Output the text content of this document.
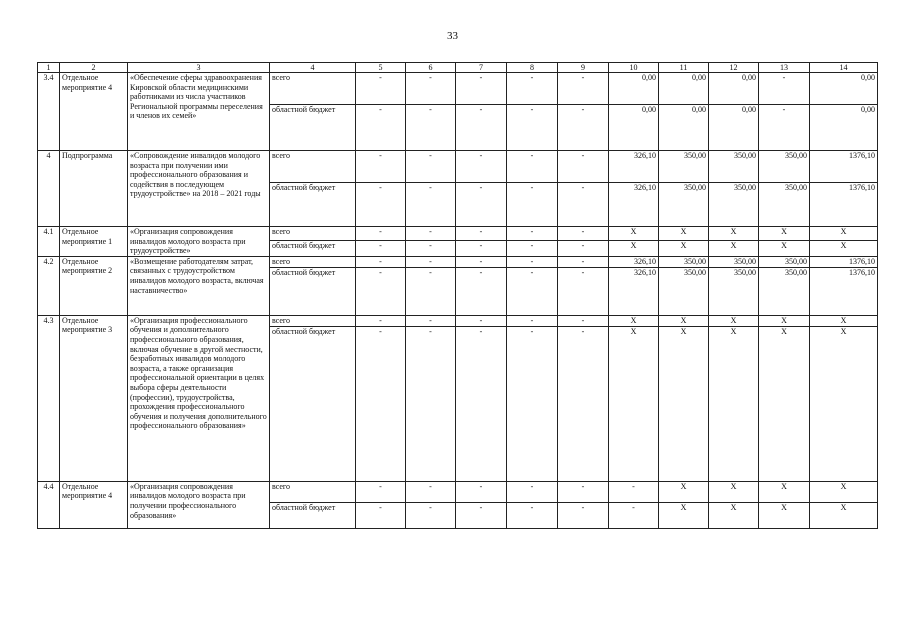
33
1	2	3	4	5	6	7	8	9	10	11	12	13	14
3.4	Отдельное мероприятие 4	«Обеспечение сферы здравоохранения Кировской области медицинскими работниками из числа участников Региональной программы переселения и членов их семей»	всего	-	-	-	-	-	0,00	0,00	0,00	-	0,00
			областной бюджет	-	-	-	-	-	0,00	0,00	0,00	-	0,00
4	Подпрограмма	«Сопровождение инвалидов молодого возраста при получении ими профессионального образования и содействия в последующем трудоустройстве» на 2018 – 2021 годы	всего	-	-	-	-	-	326,10	350,00	350,00	350,00	1376,10
			областной бюджет	-	-	-	-	-	326,10	350,00	350,00	350,00	1376,10
4.1	Отдельное мероприятие 1	«Организация сопровождения инвалидов молодого возраста при трудоустройстве»	всего	-	-	-	-	-	Х	Х	Х	Х	Х
			областной бюджет	-	-	-	-	-	Х	Х	Х	Х	Х
4.2	Отдельное мероприятие 2	«Возмещение работодателям затрат, связанных с трудоустройством инвалидов молодого возраста, включая наставничество»	всего	-	-	-	-	-	326,10	350,00	350,00	350,00	1376,10
			областной бюджет	-	-	-	-	-	326,10	350,00	350,00	350,00	1376,10
4.3	Отдельное мероприятие 3	«Организация профессионального обучения и дополнительного профессионального образования, включая обучение в другой местности, безработных инвалидов молодого возраста, а также организация профессиональной ориентации в целях выбора сферы деятельности (профессии), трудоустройства, прохождения профессионального обучения и получения дополнительного профессионального образования»	всего	-	-	-	-	-	Х	Х	Х	Х	Х
			областной бюджет	-	-	-	-	-	Х	Х	Х	Х	Х
4.4	Отдельное мероприятие 4	«Организация сопровождения инвалидов молодого возраста при получении профессионального образования»	всего	-	-	-	-	-	-	Х	Х	Х	Х
			областной бюджет	-	-	-	-	-	-	Х	Х	Х	Х
